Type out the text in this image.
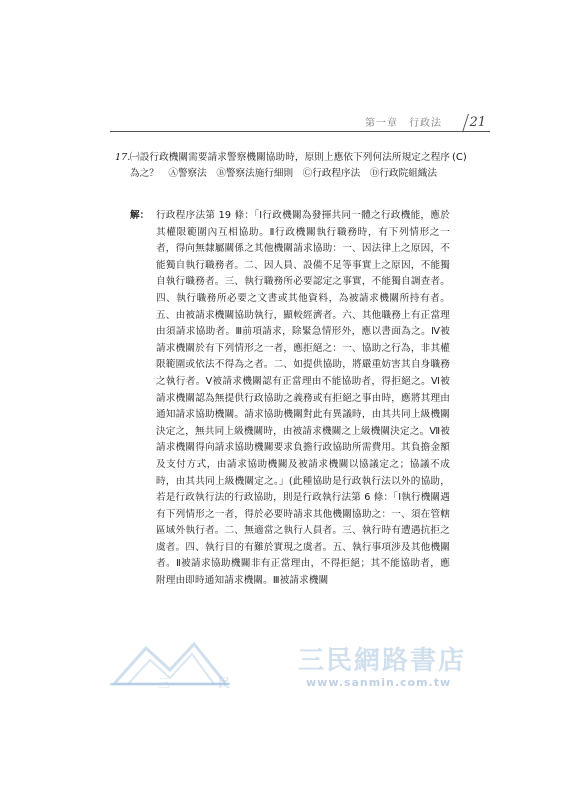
第一章　行政法 21
17. ㈠設行政機關需要請求警察機關協助時，原則上應依下列何法所規定之程序為之？　Ⓐ警察法　Ⓑ警察法施行細則　Ⓒ行政程序法　Ⓓ行政院組織法
(C)
解： 行政程序法第 19 條：「Ⅰ行政機關為發揮共同一體之行政機能，應於其權限範圍內互相協助。Ⅱ行政機關執行職務時，有下列情形之一者，得向無隸屬關係之其他機關請求協助：一、因法律上之原因，不能獨自執行職務者。二、因人員、設備不足等事實上之原因，不能獨自執行職務者。三、執行職務所必要認定之事實，不能獨自調查者。四、執行職務所必要之文書或其他資料，為被請求機關所持有者。五、由被請求機關協助執行，顯較經濟者。六、其他職務上有正當理由須請求協助者。Ⅲ前項請求，除緊急情形外，應以書面為之。Ⅳ被請求機關於有下列情形之一者，應拒絕之：一、協助之行為，非其權限範圍或依法不得為之者。二、如提供協助，將嚴重妨害其自身職務之執行者。Ⅴ被請求機關認有正當理由不能協助者，得拒絕之。Ⅵ被請求機關認為無提供行政協助之義務或有拒絕之事由時，應將其理由通知請求協助機關。請求協助機關對此有異議時，由其共同上級機關決定之，無共同上級機關時，由被請求機關之上級機關決定之。Ⅶ被請求機關得向請求協助機關要求負擔行政協助所需費用。其負擔金額及支付方式，由請求協助機關及被請求機關以協議定之；協議不成時，由其共同上級機關定之。」(此種協助是行政執行法以外的協助，若是行政執行法的行政協助，則是行政執行法第 6 條：「Ⅰ執行機關遇有下列情形之一者，得於必要時請求其他機關協助之：一、須在管轄區域外執行者。二、無適當之執行人員者。三、執行時有遭遇抗拒之虞者。四、執行目的有難於實現之虞者。五、執行事項涉及其他機關者。Ⅱ被請求協助機關非有正當理由，不得拒絕；其不能協助者，應附理由即時通知請求機關。Ⅲ被請求機關
三	民
三民網路書店
www.sanmin.com.tw
